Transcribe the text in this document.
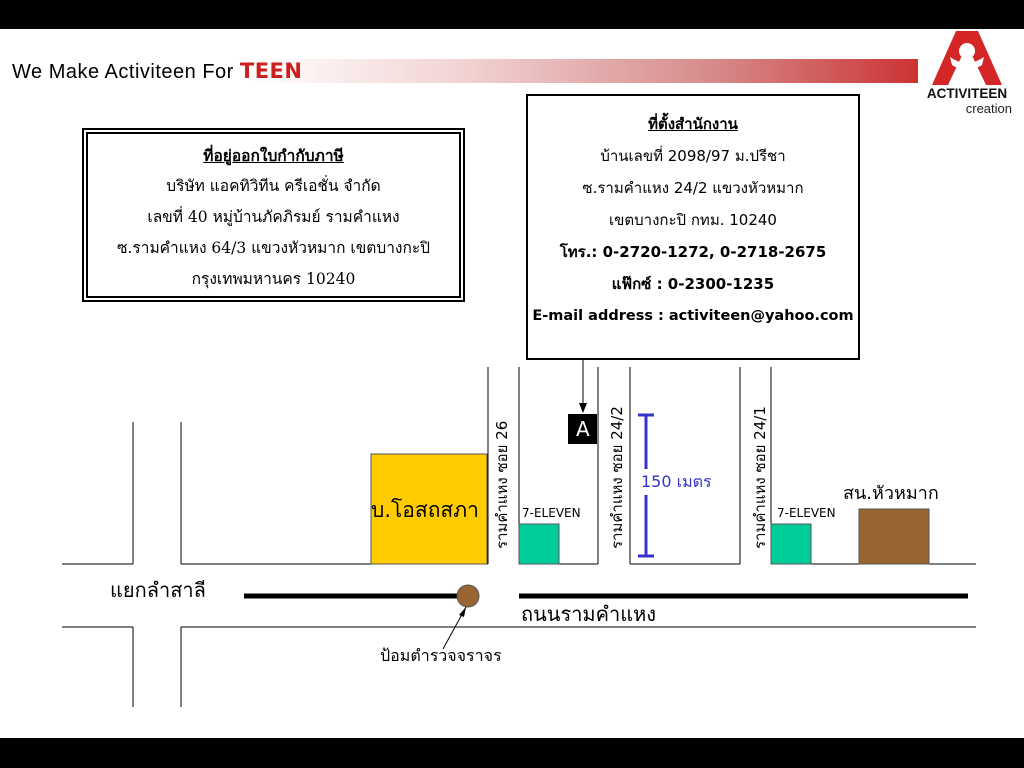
We Make Activiteen For TEEN
ACTIVITEEN
creation
ที่อยู่ออกใบกำกับภาษี
บริษัท แอคทิวิทีน ครีเอชั่น จำกัด
เลขที่ 40 หมู่บ้านภัคภิรมย์ รามคำแหง
ซ.รามคำแหง 64/3 แขวงหัวหมาก เขตบางกะปิ
กรุงเทพมหานคร 10240
ที่ตั้งสำนักงาน
บ้านเลขที่ 2098/97 ม.ปรีชา
ซ.รามคำแหง 24/2 แขวงหัวหมาก
เขตบางกะปิ กทม. 10240
โทร.: 0-2720-1272, 0-2718-2675
แฟ๊กซ์ : 0-2300-1235
E-mail address : activiteen@yahoo.com
A
แยกลำสาลี
ถนนรามคำแหง
ป้อมตำรวจจราจร
บ.โอสถสภา	7-ELEVEN	7-ELEVEN
สน.หัวหมาก
150 เมตร
รามคำแหง ซอย 26	รามคำแหง ซอย 24/2	รามคำแหง ซอย 24/1
